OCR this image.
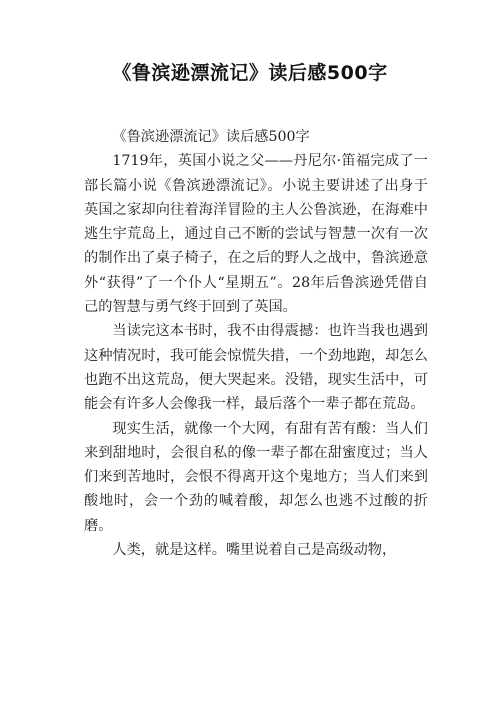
《鲁滨逊漂流记》读后感500字

《鲁滨逊漂流记》读后感500字

1719年，英国小说之父——丹尼尔·笛福完成了一部长篇小说《鲁滨逊漂流记》。小说主要讲述了出身于英国之家却向往着海洋冒险的主人公鲁滨逊，在海难中逃生宇荒岛上，通过自己不断的尝试与智慧一次有一次的制作出了桌子椅子，在之后的野人之战中，鲁滨逊意外“获得”了一个仆人“星期五”。28年后鲁滨逊凭借自己的智慧与勇气终于回到了英国。

当读完这本书时，我不由得震撼：也许当我也遇到这种情况时，我可能会惊慌失措，一个劲地跑，却怎么也跑不出这荒岛，便大哭起来。没错，现实生活中，可能会有许多人会像我一样，最后落个一辈子都在荒岛。

现实生活，就像一个大网，有甜有苦有酸：当人们来到甜地时，会很自私的像一辈子都在甜蜜度过；当人们来到苦地时，会恨不得离开这个鬼地方；当人们来到酸地时，会一个劲的喊着酸，却怎么也逃不过酸的折磨。

人类，就是这样。嘴里说着自己是高级动物，
